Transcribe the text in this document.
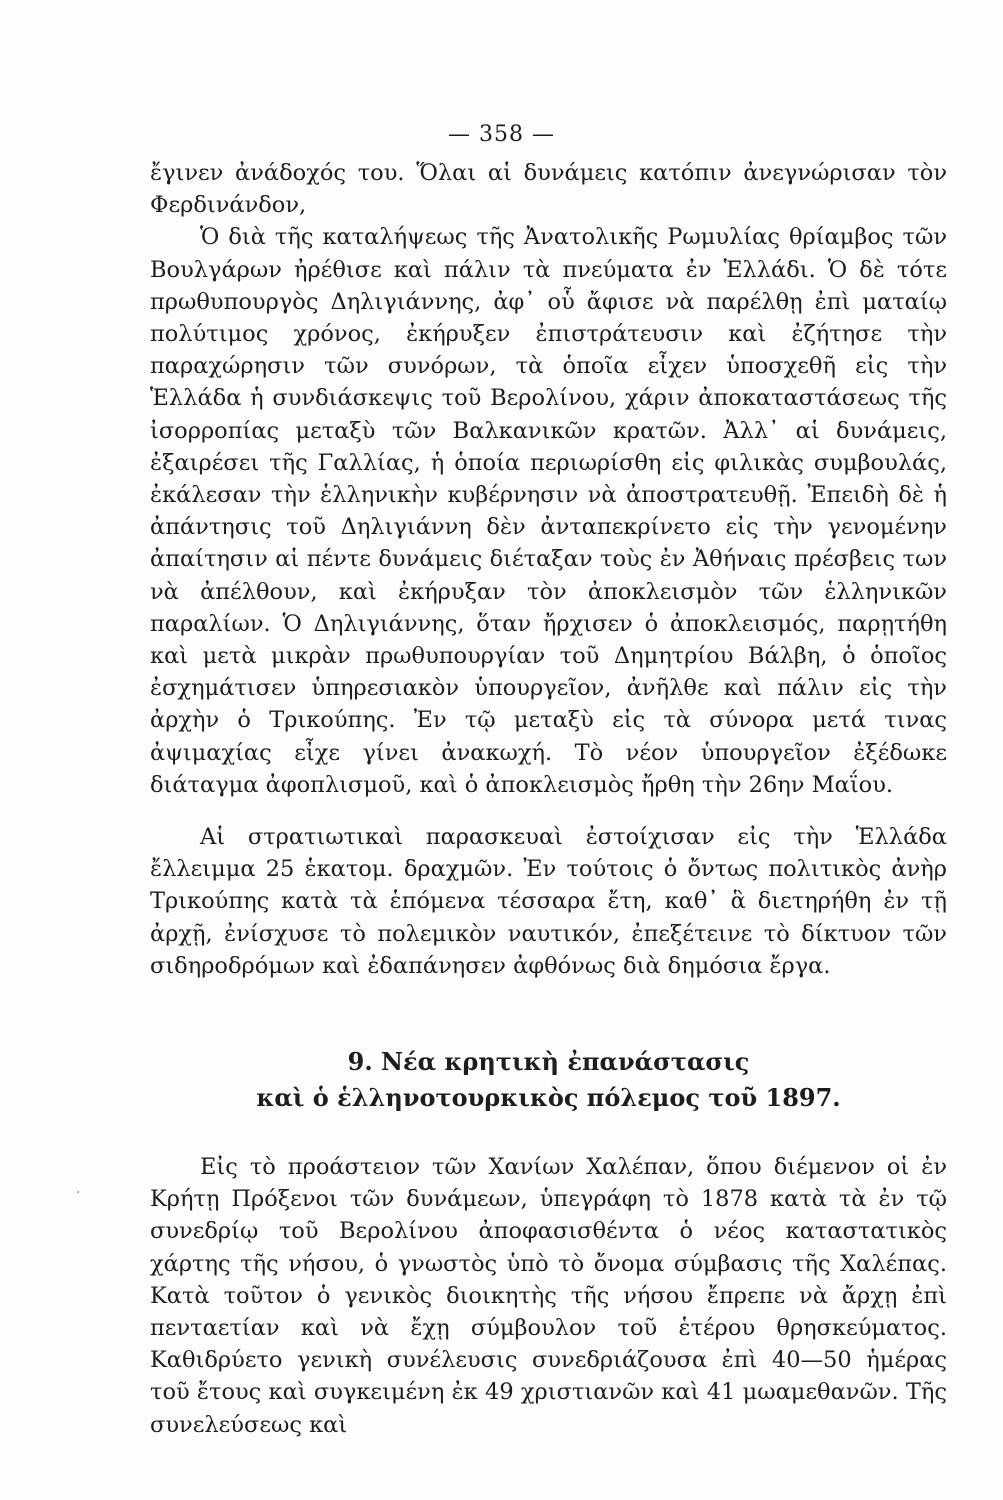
— 358 —

ἔγινεν ἀνάδοχός του. Ὅλαι αἱ δυνάμεις κατόπιν ἀνεγνώρισαν τὸν Φερδινάνδον,

Ὁ διὰ τῆς καταλήψεως τῆς Ἀνατολικῆς Ρωμυλίας θρίαμβος τῶν Βουλγάρων ἠρέθισε καὶ πάλιν τὰ πνεύματα ἐν Ἑλλάδι. Ὁ δὲ τότε πρωθυπουργὸς Δηλιγιάννης, ἀφ᾽ οὗ ἄφισε νὰ παρέλθῃ ἐπὶ ματαίῳ πολύτιμος χρόνος, ἐκήρυξεν ἐπιστράτευσιν καὶ ἐζήτησε τὴν παραχώρησιν τῶν συνόρων, τὰ ὁποῖα εἶχεν ὑποσχεθῆ εἰς τὴν Ἑλλάδα ἡ συνδιάσκεψις τοῦ Βερολίνου, χάριν ἀποκαταστάσεως τῆς ἰσορροπίας μεταξὺ τῶν Βαλκανικῶν κρατῶν. Ἀλλ᾽ αἱ δυνάμεις, ἐξαιρέσει τῆς Γαλλίας, ἡ ὁποία περιωρίσθη εἰς φιλικὰς συμβουλάς, ἐκάλεσαν τὴν ἑλληνικὴν κυβέρνησιν νὰ ἀποστρατευθῇ. Ἐπειδὴ δὲ ἡ ἀπάντησις τοῦ Δηλιγιάννη δὲν ἀνταπεκρίνετο εἰς τὴν γενομένην ἀπαίτησιν αἱ πέντε δυνάμεις διέταξαν τοὺς ἐν Ἀθήναις πρέσβεις των νὰ ἀπέλθουν, καὶ ἐκήρυξαν τὸν ἀποκλεισμὸν τῶν ἑλληνικῶν παραλίων. Ὁ Δηλιγιάννης, ὅταν ἤρχισεν ὁ ἀποκλεισμός, παρῃτήθη καὶ μετὰ μικρὰν πρωθυπουργίαν τοῦ Δημητρίου Βάλβη, ὁ ὁποῖος ἐσχημάτισεν ὑπηρεσιακὸν ὑπουργεῖον, ἀνῆλθε καὶ πάλιν εἰς τὴν ἀρχὴν ὁ Τρικούπης. Ἐν τῷ μεταξὺ εἰς τὰ σύνορα μετά τινας ἀψιμαχίας εἶχε γίνει ἀνακωχή. Τὸ νέον ὑπουργεῖον ἐξέδωκε διάταγμα ἀφοπλισμοῦ, καὶ ὁ ἀποκλεισμὸς ἤρθη τὴν 26ην Μαΐου.

Αἱ στρατιωτικαὶ παρασκευαὶ ἐστοίχισαν εἰς τὴν Ἑλλάδα ἔλλειμμα 25 ἑκατομ. δραχμῶν. Ἐν τούτοις ὁ ὄντως πολιτικὸς ἀνὴρ Τρικούπης κατὰ τὰ ἑπόμενα τέσσαρα ἔτη, καθ᾽ ἃ διετηρήθη ἐν τῇ ἀρχῇ, ἐνίσχυσε τὸ πολεμικὸν ναυτικόν, ἐπεξέτεινε τὸ δίκτυον τῶν σιδηροδρόμων καὶ ἐδαπάνησεν ἀφθόνως διὰ δημόσια ἔργα.

9. Νέα κρητικὴ ἐπανάστασις
καὶ ὁ ἑλληνοτουρκικὸς πόλεμος τοῦ 1897.

Εἰς τὸ προάστειον τῶν Χανίων Χαλέπαν, ὅπου διέμενον οἱ ἐν Κρήτῃ Πρόξενοι τῶν δυνάμεων, ὑπεγράφη τὸ 1878 κατὰ τὰ ἐν τῷ συνεδρίῳ τοῦ Βερολίνου ἀποφασισθέντα ὁ νέος καταστατικὸς χάρτης τῆς νήσου, ὁ γνωστὸς ὑπὸ τὸ ὄνομα σύμβασις τῆς Χαλέπας. Κατὰ τοῦτον ὁ γενικὸς διοικητὴς τῆς νήσου ἔπρεπε νὰ ἄρχῃ ἐπὶ πενταετίαν καὶ νὰ ἔχῃ σύμβουλον τοῦ ἑτέρου θρησκεύματος. Καθιδρύετο γενικὴ συνέλευσις συνεδριάζουσα ἐπὶ 40—50 ἡμέρας τοῦ ἔτους καὶ συγκειμένη ἐκ 49 χριστιανῶν καὶ 41 μωαμεθανῶν. Τῆς συνελεύσεως καὶ

·
